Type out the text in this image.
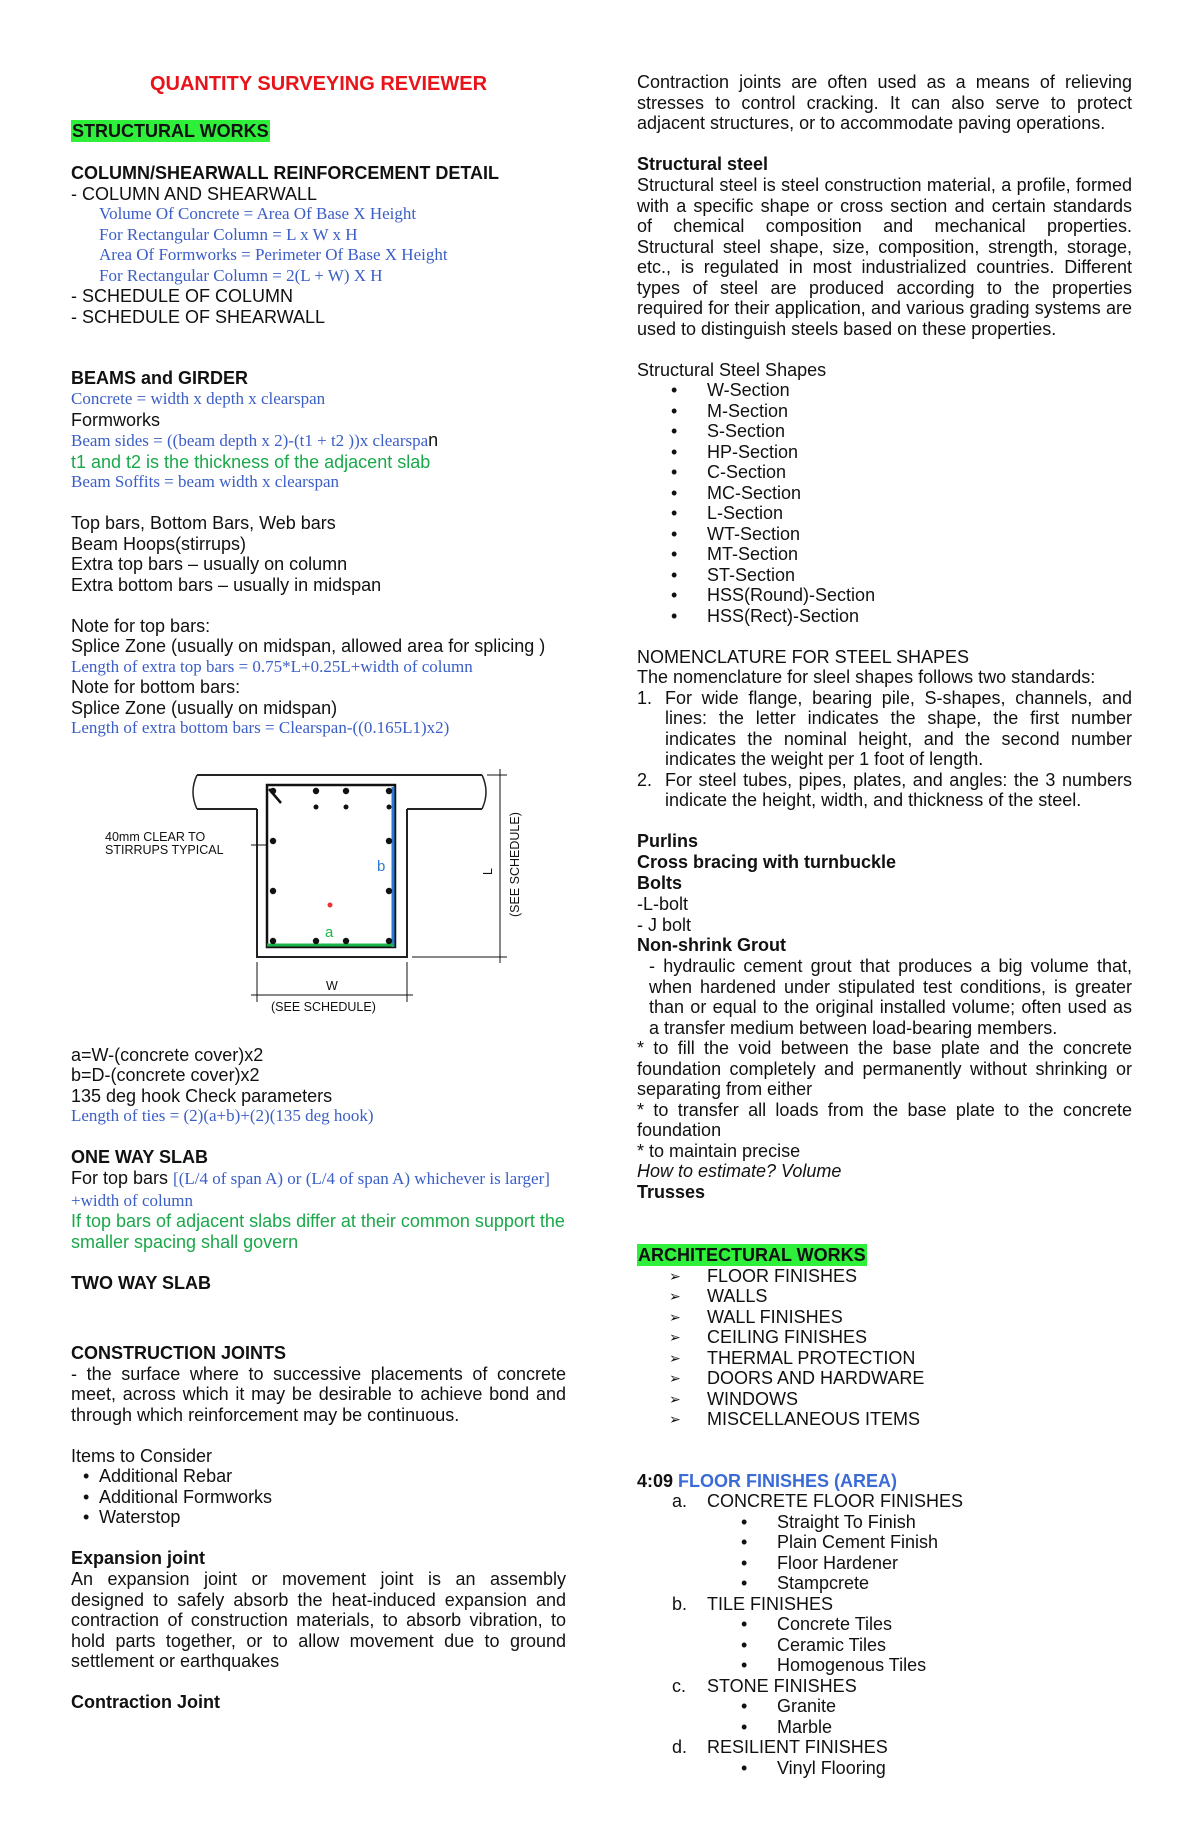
QUANTITY SURVEYING REVIEWER
STRUCTURAL WORKS
COLUMN/SHEARWALL REINFORCEMENT DETAIL

- COLUMN AND SHEARWALL

Volume Of Concrete = Area Of Base X Height

For Rectangular Column = L x W x H

Area Of Formworks = Perimeter Of Base X Height

For Rectangular Column = 2(L + W) X H

- SCHEDULE OF COLUMN

- SCHEDULE OF SHEARWALL

BEAMS and GIRDER

Concrete = width x depth x clearspan

Formworks

Beam sides = ((beam depth x 2)-(t1 + t2 ))x clearspan

t1 and t2 is the thickness of the adjacent slab

Beam Soffits = beam width x clearspan

Top bars, Bottom Bars, Web bars

Beam Hoops(stirrups)

Extra top bars – usually on column

Extra bottom bars – usually in midspan

Note for top bars:

Splice Zone (usually on midspan, allowed area for splicing )

Length of extra top bars = 0.75*L+0.25L+width of column

Note for bottom bars:

Splice Zone (usually on midspan)

Length of extra bottom bars = Clearspan-((0.165L1)x2)

b
a
40mm CLEAR TO
STIRRUPS TYPICAL
W
(SEE SCHEDULE)
L (SEE SCHEDULE)

a=W-(concrete cover)x2

b=D-(concrete cover)x2

135 deg hook Check parameters

Length of ties = (2)(a+b)+(2)(135 deg hook)

ONE WAY SLAB

For top bars [(L/4 of span A) or (L/4 of span A) whichever is larger] +width of column

If top bars of adjacent slabs differ at their common support the smaller spacing shall govern

TWO WAY SLAB
CONSTRUCTION JOINTS

- the surface where to successive placements of concrete meet, across which it may be desirable to achieve bond and through which reinforcement may be continuous.

Items to Consider

• Additional Rebar
• Additional Formworks
• Waterstop
Expansion joint

An expansion joint or movement joint is an assembly designed to safely absorb the heat-induced expansion and contraction of construction materials, to absorb vibration, to hold parts together, or to allow movement due to ground settlement or earthquakes

Contraction Joint

Contraction joints are often used as a means of relieving stresses to control cracking. It can also serve to protect adjacent structures, or to accommodate paving operations.

Structural steel

Structural steel is steel construction material, a profile, formed with a specific shape or cross section and certain standards of chemical composition and mechanical properties. Structural steel shape, size, composition, strength, storage, etc., is regulated in most industrialized countries. Different types of steel are produced according to the properties required for their application, and various grading systems are used to distinguish steels based on these properties.

Structural Steel Shapes

• W-Section
• M-Section
• S-Section
• HP-Section
• C-Section
• MC-Section
• L-Section
• WT-Section
• MT-Section
• ST-Section
• HSS(Round)-Section
• HSS(Rect)-Section

NOMENCLATURE FOR STEEL SHAPES

The nomenclature for sleel shapes follows two standards:

1. For wide flange, bearing pile, S-shapes, channels, and lines: the letter indicates the shape, the first number indicates the nominal height, and the second number indicates the weight per 1 foot of length.
2. For steel tubes, pipes, plates, and angles: the 3 numbers indicate the height, width, and thickness of the steel.
Purlins
Cross bracing with turnbuckle
Bolts

-L-bolt

- J bolt

Non-shrink Grout

- hydraulic cement grout that produces a big volume that, when hardened under stipulated test conditions, is greater than or equal to the original installed volume; often used as a transfer medium between load-bearing members.

* to fill the void between the base plate and the concrete foundation completely and permanently without shrinking or separating from either

* to transfer all loads from the base plate to the concrete foundation

* to maintain precise

How to estimate? Volume

Trusses
ARCHITECTURAL WORKS
➢ FLOOR FINISHES
➢ WALLS
➢ WALL FINISHES
➢ CEILING FINISHES
➢ THERMAL PROTECTION
➢ DOORS AND HARDWARE
➢ WINDOWS
➢ MISCELLANEOUS ITEMS
4:09 FLOOR FINISHES (AREA)
a. CONCRETE FLOOR FINISHES
• Straight To Finish
• Plain Cement Finish
• Floor Hardener
• Stampcrete
b. TILE FINISHES
• Concrete Tiles
• Ceramic Tiles
• Homogenous Tiles
c. STONE FINISHES
• Granite
• Marble
d. RESILIENT FINISHES
• Vinyl Flooring
